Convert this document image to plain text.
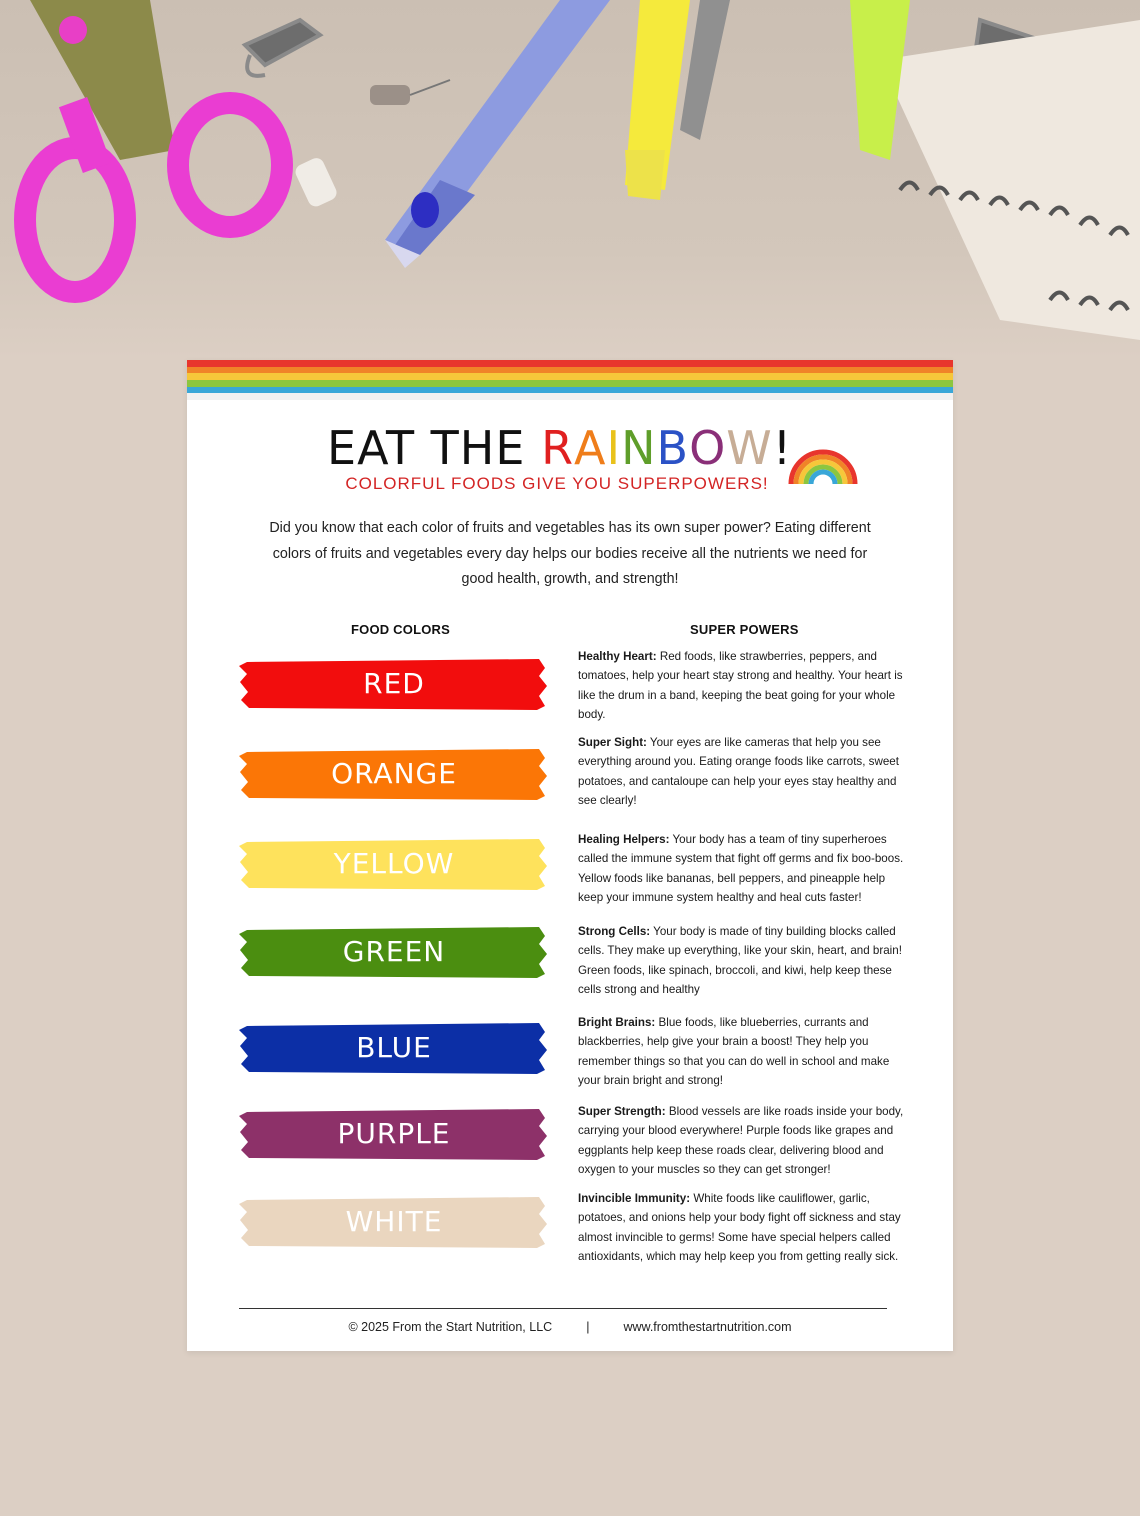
EAT THE RAINBOW!
COLORFUL FOODS GIVE YOU SUPERPOWERS!
Did you know that each color of fruits and vegetables has its own super power? Eating different colors of fruits and vegetables every day helps our bodies receive all the nutrients we need for good health, growth, and strength!
FOOD COLORS	SUPER POWERS
RED
Healthy Heart: Red foods, like strawberries, peppers, and tomatoes, help your heart stay strong and healthy. Your heart is like the drum in a band, keeping the beat going for your whole body.
ORANGE
Super Sight: Your eyes are like cameras that help you see everything around you. Eating orange foods like carrots, sweet potatoes, and cantaloupe can help your eyes stay healthy and see clearly!
YELLOW
Healing Helpers: Your body has a team of tiny superheroes called the immune system that fight off germs and fix boo-boos. Yellow foods like bananas, bell peppers, and pineapple help keep your immune system healthy and heal cuts faster!
GREEN
Strong Cells: Your body is made of tiny building blocks called cells. They make up everything, like your skin, heart, and brain! Green foods, like spinach, broccoli, and kiwi, help keep these cells strong and healthy
BLUE
Bright Brains: Blue foods, like blueberries, currants and blackberries, help give your brain a boost! They help you remember things so that you can do well in school and make your brain bright and strong!
PURPLE
Super Strength: Blood vessels are like roads inside your body, carrying your blood everywhere! Purple foods like grapes and eggplants help keep these roads clear, delivering blood and oxygen to your muscles so they can get stronger!
WHITE
Invincible Immunity: White foods like cauliflower, garlic, potatoes, and onions help your body fight off sickness and stay almost invincible to germs! Some have special helpers called antioxidants, which may help keep you from getting really sick.
© 2025 From the Start Nutrition, LLC	|	www.fromthestartnutrition.com
